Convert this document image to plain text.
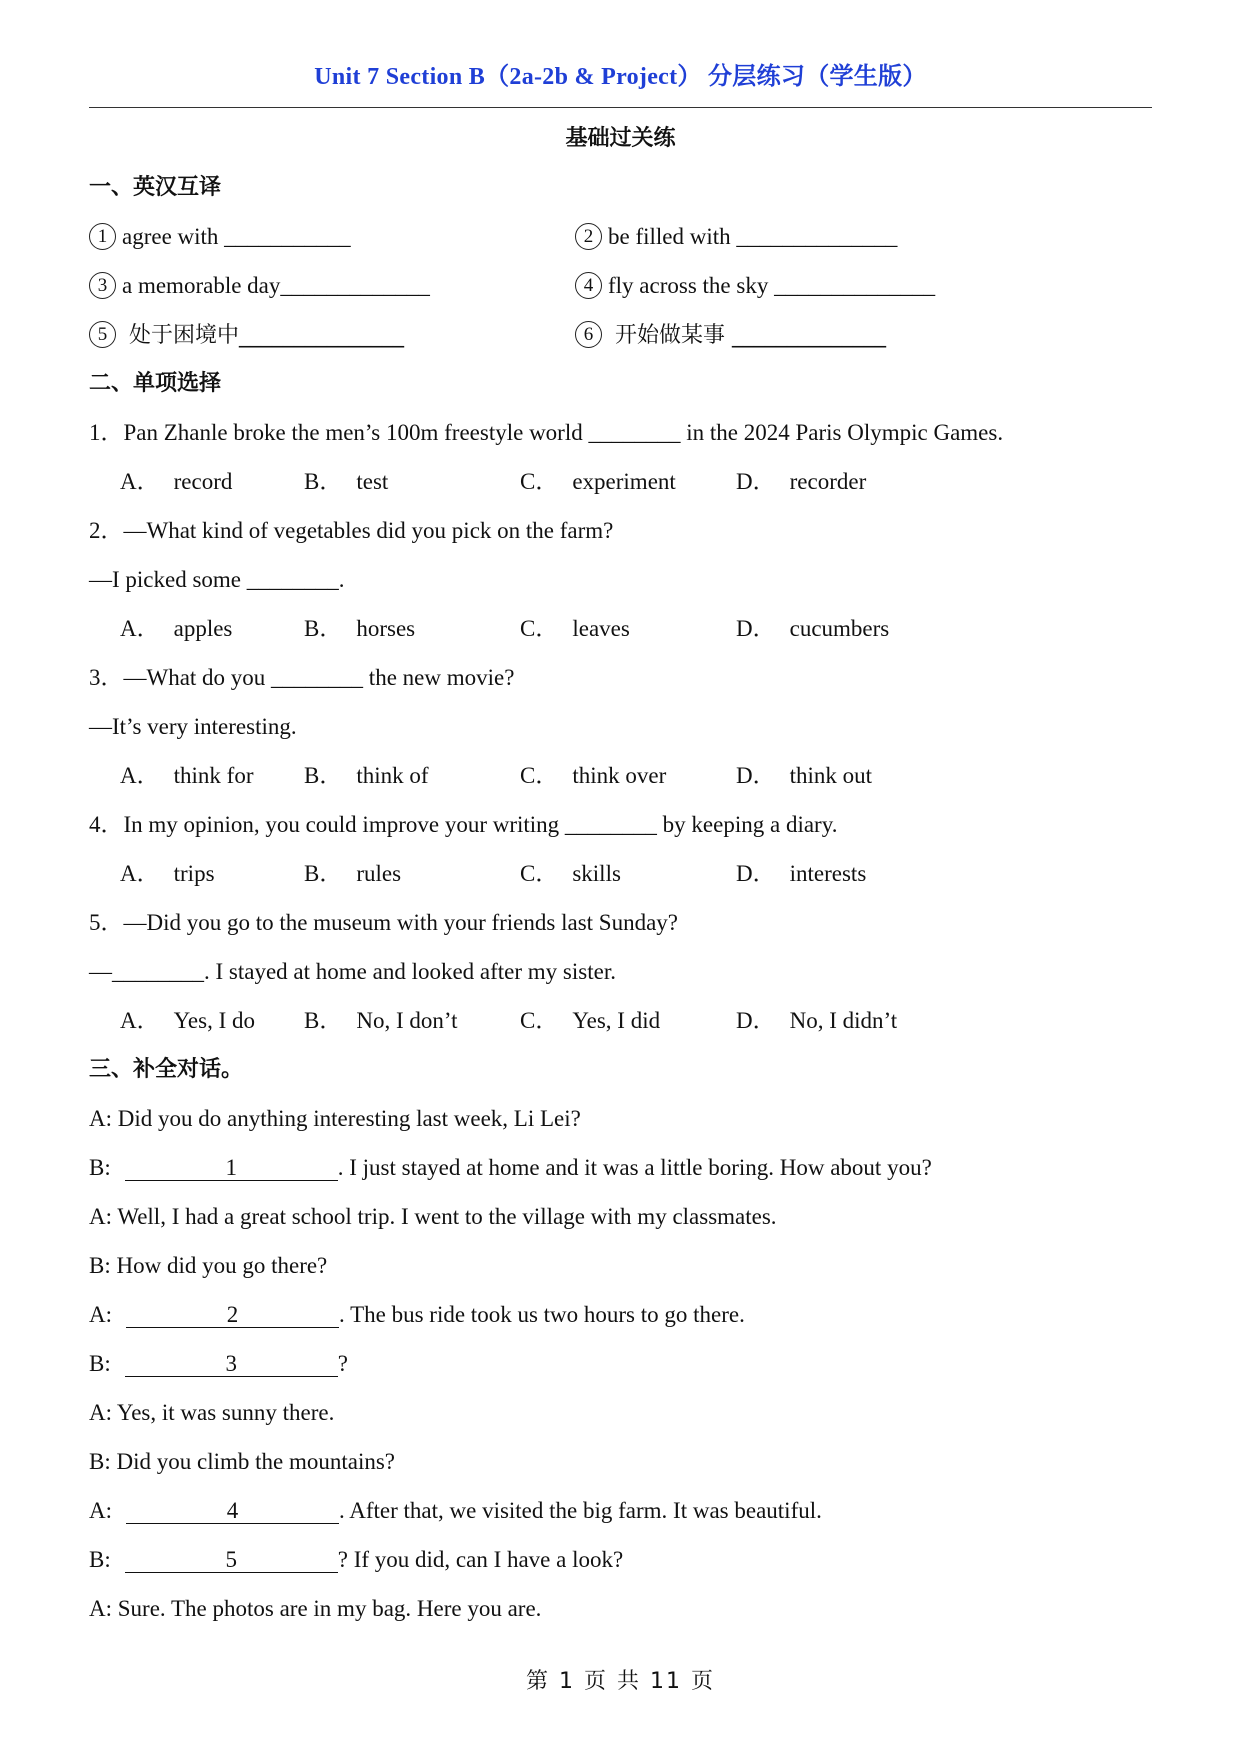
Unit 7 Section B（2a-2b & Project） 分层练习（学生版）
基础过关练
一、英汉互译
1 agree with ___________	2 be filled with ______________
3 a memorable day_____________	4 fly across the sky ______________
5 处于困境中_______________	6 开始做某事 ______________
二、单项选择
1．Pan Zhanle broke the men’s 100m freestyle world ________ in the 2024 Paris Olympic Games.
A． record	B． test	C． experiment	D． recorder
2．—What kind of vegetables did you pick on the farm?
—I picked some ________.
A． apples	B． horses	C． leaves	D． cucumbers
3．—What do you ________ the new movie?
—It’s very interesting.
A． think for B． think of	C． think over	D． think out
4．In my opinion, you could improve your writing ________ by keeping a diary.
A． trips	B． rules	C． skills	D． interests
5．—Did you go to the museum with your friends last Sunday?
—________. I stayed at home and looked after my sister.
A． Yes, I do B． No, I don’t	C． Yes, I did	D． No, I didn’t
三、补全对话。
A: Did you do anything interesting last week, Li Lei?
B:	1	. I just stayed at home and it was a little boring. How about you?
A: Well, I had a great school trip. I went to the village with my classmates.
B: How did you go there?
A:	2	. The bus ride took us two hours to go there.
B:	3	?
A: Yes, it was sunny there.
B: Did you climb the mountains?
A:	4	. After that, we visited the big farm. It was beautiful.
B:	5	? If you did, can I have a look?
A: Sure. The photos are in my bag. Here you are.
第 1 页 共 11 页
